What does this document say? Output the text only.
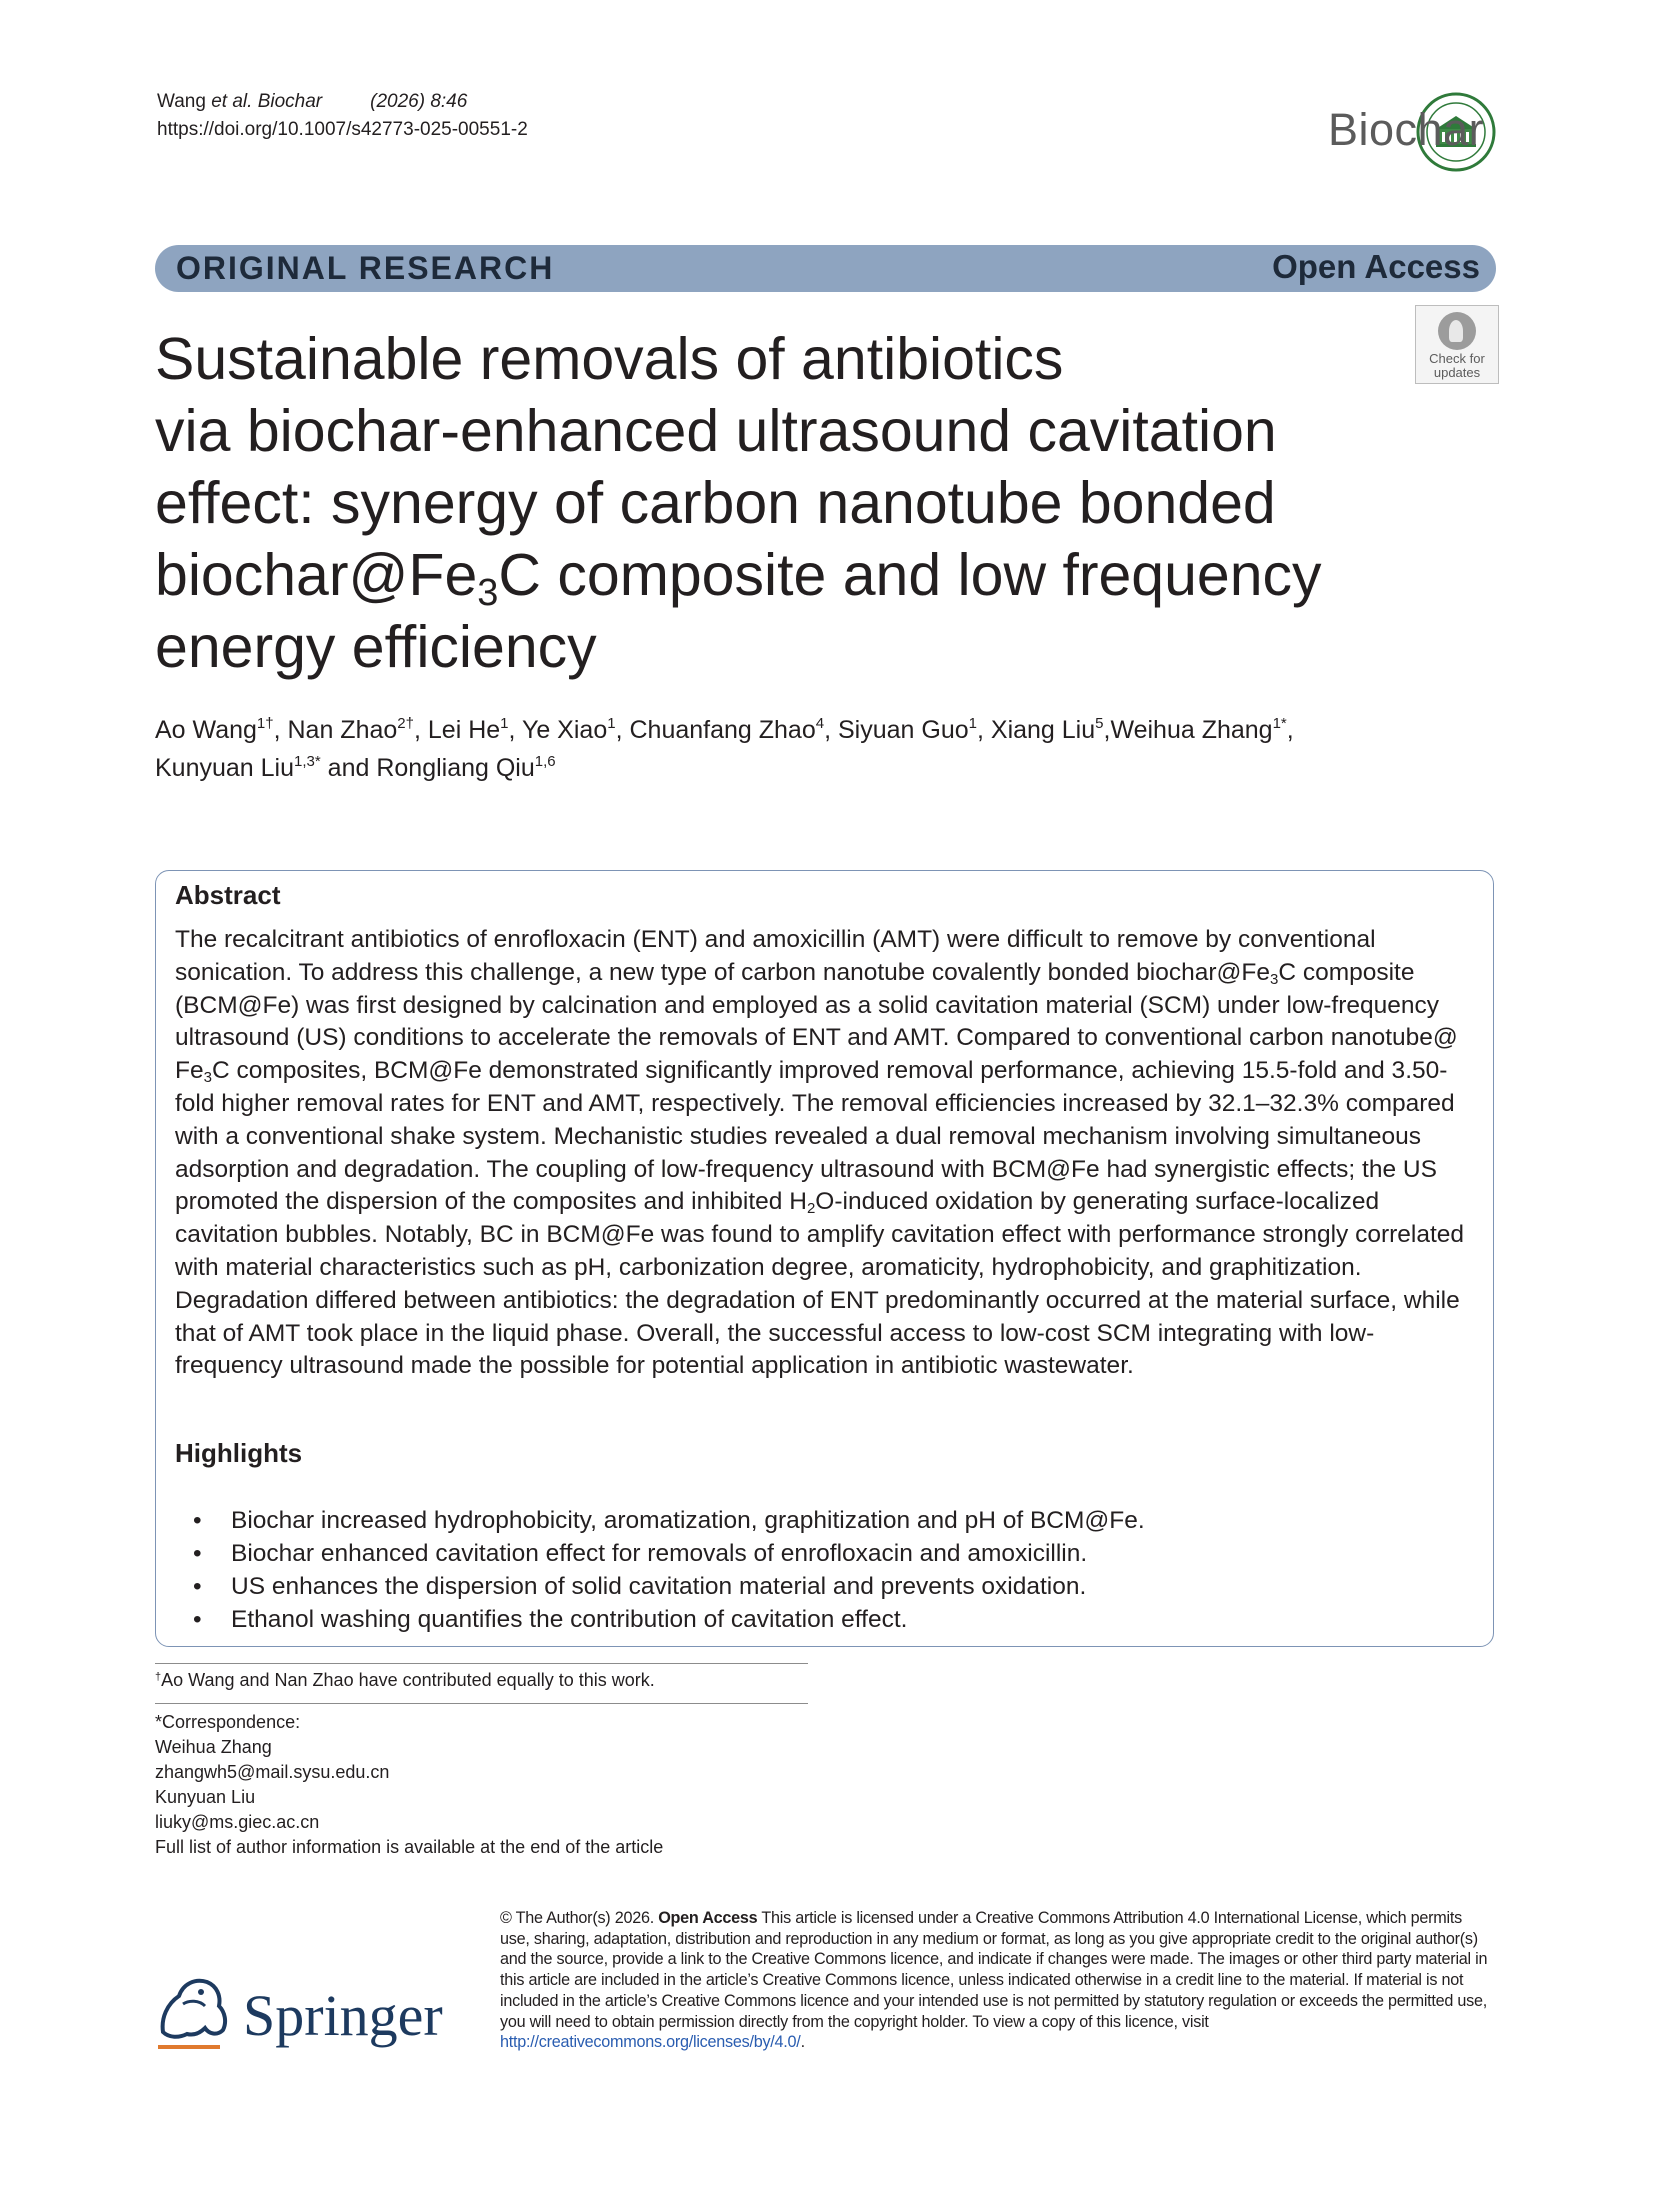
Wang et al. Biochar	(2026) 8:46
https://doi.org/10.1007/s42773-025-00551-2	Biochar
ORIGINAL RESEARCH	Open Access
Check for
updates
Sustainable removals of antibiotics
via biochar-enhanced ultrasound cavitation
effect: synergy of carbon nanotube bonded
$biochar@Fe_3C$ composite and low frequency
energy efficiency
Ao Wang$^{1\dagger}$, Nan Zhao$^{2\dagger}$, Lei He$^1$, Ye Xiao$^1$, Chuanfang Zhao$^4$, Siyuan Guo$^1$, Xiang Liu$^5$,Weihua Zhang$^{1*}$,
Kunyuan Liu$^{1,3*}$ and Rongliang Qiu$^{1,6}$
Abstract
The recalcitrant antibiotics of enrofloxacin (ENT) and amoxicillin (AMT) were difficult to remove by conventional sonication. To address this challenge, a new type of carbon nanotube covalently bonded $biochar@Fe_3C$ composite (BCM@Fe) was first designed by calcination and employed as a solid cavitation material (SCM) under low-frequency ultrasound (US) conditions to accelerate the removals of ENT and AMT. Compared to conventional carbon nanotube@ $Fe_3C$ composites, BCM@Fe demonstrated significantly improved removal performance, achieving 15.5-fold and 3.50-fold higher removal rates for ENT and AMT, respectively. The removal efficiencies increased by 32.1–32.3% compared with a conventional shake system. Mechanistic studies revealed a dual removal mechanism involving simultaneous adsorption and degradation. The coupling of low-frequency ultrasound with BCM@Fe had synergistic effects; the US promoted the dispersion of the composites and inhibited $H_2O$-induced oxidation by generating surface-localized cavitation bubbles. Notably, BC in BCM@Fe was found to amplify cavitation effect with performance strongly correlated with material characteristics such as pH, carbonization degree, aromaticity, hydrophobicity, and graphitization. Degradation differed between antibiotics: the degradation of ENT predominantly occurred at the material surface, while that of AMT took place in the liquid phase. Overall, the successful access to low-cost SCM integrating with low-frequency ultrasound made the possible for potential application in antibiotic wastewater.
Highlights
• Biochar increased hydrophobicity, aromatization, graphitization and pH of BCM@Fe.
• Biochar enhanced cavitation effect for removals of enrofloxacin and amoxicillin.
• US enhances the dispersion of solid cavitation material and prevents oxidation.
• Ethanol washing quantifies the contribution of cavitation effect.
†Ao Wang and Nan Zhao have contributed equally to this work.
*Correspondence:
Weihua Zhang
zhangwh5@mail.sysu.edu.cn
Kunyuan Liu
liuky@ms.giec.ac.cn
Full list of author information is available at the end of the article
Springer
© The Author(s) 2026. Open Access This article is licensed under a Creative Commons Attribution 4.0 International License, which permits use, sharing, adaptation, distribution and reproduction in any medium or format, as long as you give appropriate credit to the original author(s) and the source, provide a link to the Creative Commons licence, and indicate if changes were made. The images or other third party material in this article are included in the article’s Creative Commons licence, unless indicated otherwise in a credit line to the material. If material is not included in the article’s Creative Commons licence and your intended use is not permitted by statutory regulation or exceeds the permitted use, you will need to obtain permission directly from the copyright holder. To view a copy of this licence, visit http://creativecommons.org/licenses/by/4.0/.
